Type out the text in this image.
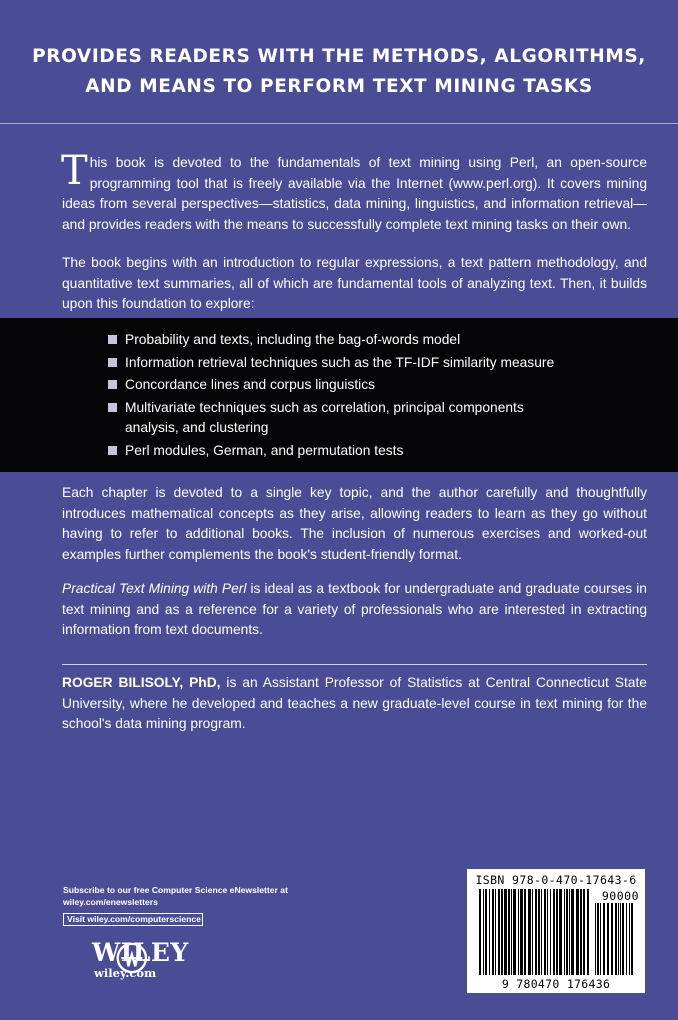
PROVIDES READERS WITH THE METHODS, ALGORITHMS,
AND MEANS TO PERFORM TEXT MINING TASKS
T his book is devoted to the fundamentals of text mining using Perl, an open-source programming tool that is freely available via the Internet (www.perl.org). It covers mining ideas from several perspectives—statistics, data mining, linguistics, and information retrieval—and provides readers with the means to successfully complete text mining tasks on their own.
The book begins with an introduction to regular expressions, a text pattern methodology, and quantitative text summaries, all of which are fundamental tools of analyzing text. Then, it builds upon this foundation to explore:
Probability and texts, including the bag-of-words model
Information retrieval techniques such as the TF-IDF similarity measure
Concordance lines and corpus linguistics
Multivariate techniques such as correlation, principal components analysis, and clustering
Perl modules, German, and permutation tests
Each chapter is devoted to a single key topic, and the author carefully and thoughtfully introduces mathematical concepts as they arise, allowing readers to learn as they go without having to refer to additional books. The inclusion of numerous exercises and worked-out examples further complements the book's student-friendly format.
Practical Text Mining with Perl is ideal as a textbook for undergraduate and graduate courses in text mining and as a reference for a variety of professionals who are interested in extracting information from text documents.
ROGER BILISOLY, PhD, is an Assistant Professor of Statistics at Central Connecticut State University, where he developed and teaches a new graduate-level course in text mining for the school's data mining program.
Subscribe to our free Computer Science eNewsletter at
wiley.com/enewsletters
Visit wiley.com/computerscience
WILEY
wiley.com
ISBN 978-0-470-17643-6
90000
9 780470 176436
